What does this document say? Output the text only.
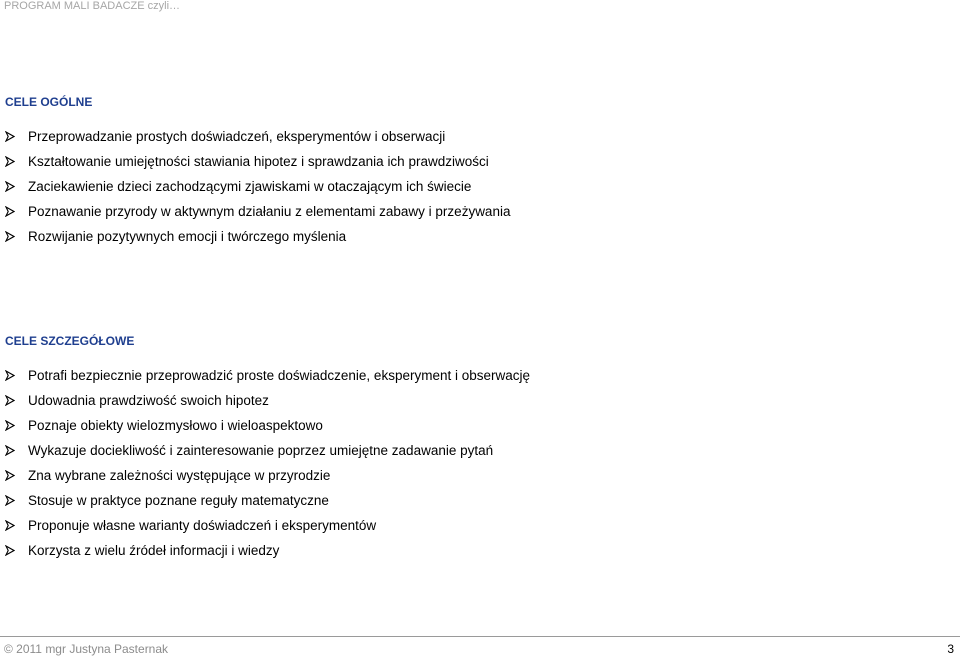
PROGRAM MALI BADACZE czyli…
CELE OGÓLNE
Przeprowadzanie prostych doświadczeń, eksperymentów i obserwacji
Kształtowanie umiejętności stawiania hipotez i sprawdzania ich prawdziwości
Zaciekawienie dzieci zachodzącymi zjawiskami w otaczającym ich świecie
Poznawanie przyrody w aktywnym działaniu z elementami zabawy i przeżywania
Rozwijanie pozytywnych emocji i twórczego myślenia
CELE SZCZEGÓŁOWE
Potrafi bezpiecznie przeprowadzić proste doświadczenie, eksperyment i obserwację
Udowadnia prawdziwość swoich hipotez
Poznaje obiekty wielozmysłowo i wieloaspektowo
Wykazuje dociekliwość i zainteresowanie poprzez umiejętne zadawanie pytań
Zna wybrane zależności występujące w przyrodzie
Stosuje w praktyce poznane reguły matematyczne
Proponuje własne warianty doświadczeń i eksperymentów
Korzysta z wielu źródeł informacji i wiedzy
© 2011 mgr Justyna Pasternak	3
